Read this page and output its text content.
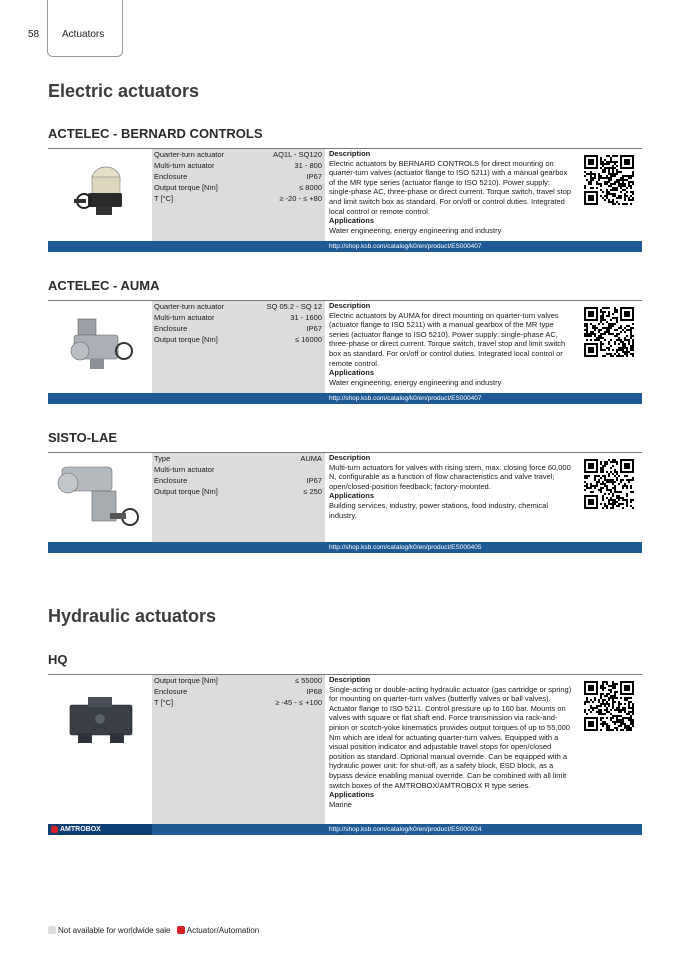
58 Actuators
Electric actuators
ACTELEC - BERNARD CONTROLS
Quarter-turn actuator	AQ1L - SQ120
Multi-turn actuator	31 - 800
Enclosure	IP67
Output torque [Nm]	≤ 8000
T [°C]	≥ -20 - ≤ +80
Description
Electric actuators by BERNARD CONTROLS for direct mounting on quarter-turn valves (actuator flange to ISO 5211) with a manual gearbox of the MR type series (actuator flange to ISO 5210). Power supply: single-phase AC, three-phase or direct current. Torque switch, travel stop and limit switch box as standard. For on/off or control duties. Integrated local control or remote control.
Applications
Water engineering, energy engineering and industry
http://shop.ksb.com/catalog/k0/en/product/ES000407
ACTELEC - AUMA
Quarter-turn actuator	SQ 05.2 - SQ 12
Multi-turn actuator	31 - 1600
Enclosure	IP67
Output torque [Nm]	≤ 16000
Description
Electric actuators by AUMA for direct mounting on quarter-turn valves (actuator flange to ISO 5211) with a manual gearbox of the MR type series (actuator flange to ISO 5210). Power supply: single-phase AC, three-phase or direct current. Torque switch, travel stop and limit switch box as standard. For on/off or control duties. Integrated local control or remote control.
Applications
Water engineering, energy engineering and industry
http://shop.ksb.com/catalog/k0/en/product/ES000407
SISTO-LAE
Type	AUMA
Multi-turn actuator
Enclosure	IP67
Output torque [Nm]	≤ 250
Description
Multi-turn actuators for valves with rising stem, max. closing force 60,000 N, configurable as a function of flow characteristics and valve travel; open/closed-position feedback; factory-mounted.
Applications
Building services, industry, power stations, food industry, chemical industry.
http://shop.ksb.com/catalog/k0/en/product/ES000405
Hydraulic actuators
HQ
Output torque [Nm]	≤ 55000
Enclosure	IP68
T [°C]	≥ -45 - ≤ +100
Description
Single-acting or double-acting hydraulic actuator (gas cartridge or spring) for mounting on quarter-turn valves (butterfly valves or ball valves). Actuator flange to ISO 5211. Control pressure up to 160 bar. Mounts on valves with square or flat shaft end. Force transmission via rack-and-pinion or scotch-yoke kinematics provides output torques of up to 55,000 Nm which are ideal for actuating quarter-turn valves. Equipped with a visual position indicator and adjustable travel stops for open/closed position as standard. Optional manual override. Can be equipped with a hydraulic power unit: for shut-off, as a safety block, ESD block, as a bypass device enabling manual override. Can be combined with all limit switch boxes of the AMTROBOX/AMTROBOX R type series.
Applications
Marine
AMTROBOX	http://shop.ksb.com/catalog/k0/en/product/ES000924
Not available for worldwide sale Actuator/Automation
